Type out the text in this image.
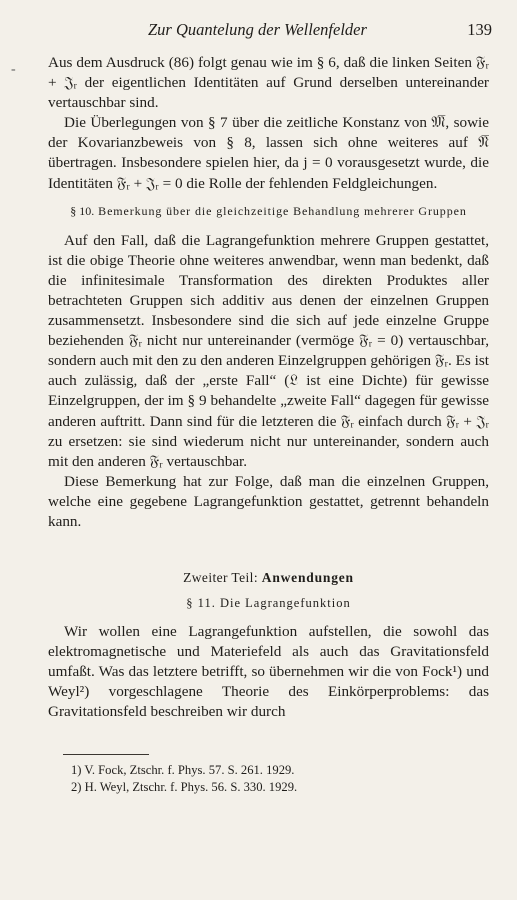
-
Zur Quantelung der Wellenfelder	139

Aus dem Ausdruck (86) folgt genau wie im § 6, daß die linken Seiten 𝔉ᵣ + 𝔍ᵣ der eigentlichen Identitäten auf Grund derselben untereinander vertauschbar sind.

Die Überlegungen von § 7 über die zeitliche Konstanz von 𝔐̅, sowie der Kovarianzbeweis von § 8, lassen sich ohne weiteres auf 𝔑̅ übertragen. Insbesondere spielen hier, da j = 0 vorausgesetzt wurde, die Identitäten 𝔉ᵣ + 𝔍ᵣ = 0 die Rolle der fehlenden Feldgleichungen.

§ 10. Bemerkung über die gleichzeitige Behandlung mehrerer Gruppen

Auf den Fall, daß die Lagrangefunktion mehrere Gruppen gestattet, ist die obige Theorie ohne weiteres anwendbar, wenn man bedenkt, daß die infinitesimale Transformation des direkten Produktes aller betrachteten Gruppen sich additiv aus denen der einzelnen Gruppen zusammensetzt. Insbesondere sind die sich auf jede einzelne Gruppe beziehenden 𝔉ᵣ nicht nur untereinander (vermöge 𝔉ᵣ = 0) vertauschbar, sondern auch mit den zu den anderen Einzelgruppen gehörigen 𝔉ᵣ. Es ist auch zulässig, daß der „erste Fall“ (𝔏 ist eine Dichte) für gewisse Einzelgruppen, der im § 9 behandelte „zweite Fall“ dagegen für gewisse anderen auftritt. Dann sind für die letzteren die 𝔉ᵣ einfach durch 𝔉ᵣ + 𝔍ᵣ zu ersetzen: sie sind wiederum nicht nur untereinander, sondern auch mit den anderen 𝔉ᵣ vertauschbar.

Diese Bemerkung hat zur Folge, daß man die einzelnen Gruppen, welche eine gegebene Lagrangefunktion gestattet, getrennt behandeln kann.

Zweiter Teil: Anwendungen
§ 11. Die Lagrangefunktion

Wir wollen eine Lagrangefunktion aufstellen, die sowohl das elektromagnetische und Materiefeld als auch das Gravitationsfeld umfaßt. Was das letztere betrifft, so übernehmen wir die von Fock¹) und Weyl²) vorgeschlagene Theorie des Einkörperproblems: das Gravitationsfeld beschreiben wir durch

1) V. Fock, Ztschr. f. Phys. 57. S. 261. 1929.
2) H. Weyl, Ztschr. f. Phys. 56. S. 330. 1929.
